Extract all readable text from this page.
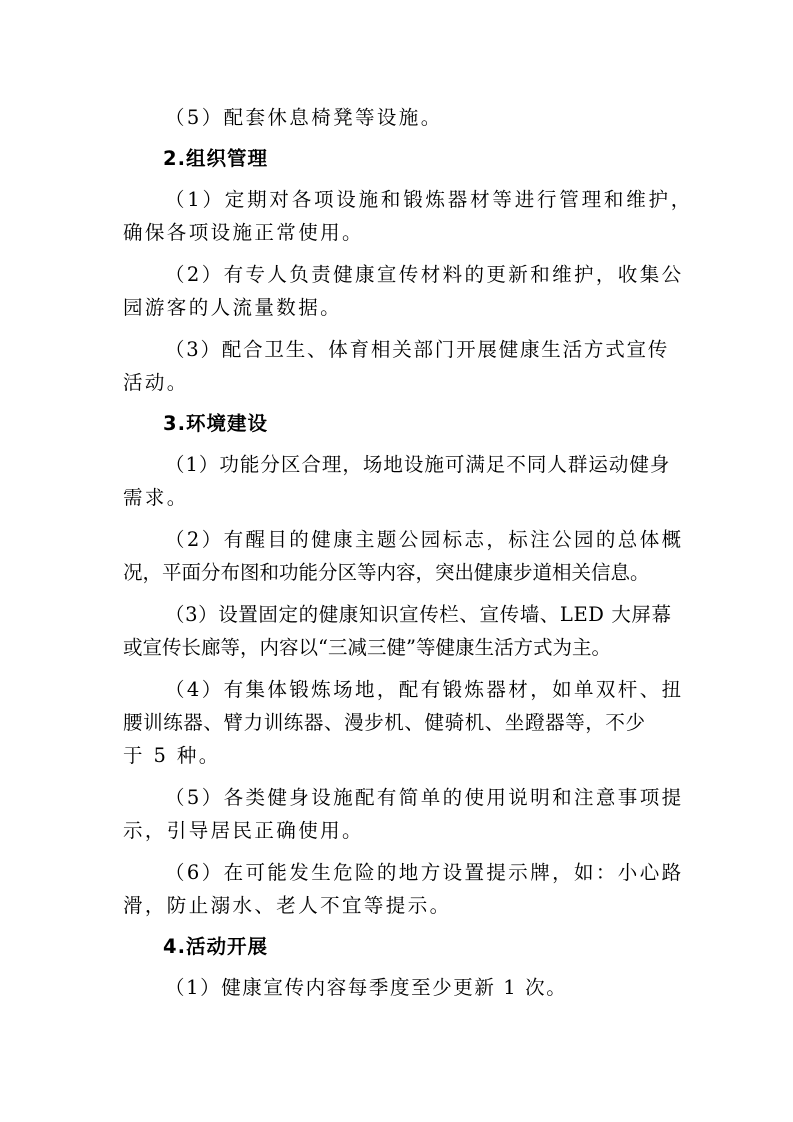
（5）配套休息椅凳等设施。
2.组织管理
（1）定期对各项设施和锻炼器材等进行管理和维护，
确保各项设施正常使用。
（2）有专人负责健康宣传材料的更新和维护，收集公
园游客的人流量数据。
（3）配合卫生、体育相关部门开展健康生活方式宣传
活动。
3.环境建设
（1）功能分区合理，场地设施可满足不同人群运动健身
需求。
（2）有醒目的健康主题公园标志，标注公园的总体概
况，平面分布图和功能分区等内容，突出健康步道相关信息。
（3）设置固定的健康知识宣传栏、宣传墙、LED 大屏幕
或宣传长廊等，内容以“三减三健”等健康生活方式为主。
（4）有集体锻炼场地，配有锻炼器材，如单双杆、扭
腰训练器、臂力训练器、漫步机、健骑机、坐蹬器等，不少
于 5 种。
（5）各类健身设施配有简单的使用说明和注意事项提
示，引导居民正确使用。
（6）在可能发生危险的地方设置提示牌，如：小心路
滑，防止溺水、老人不宜等提示。
4.活动开展
（1）健康宣传内容每季度至少更新 1 次。
